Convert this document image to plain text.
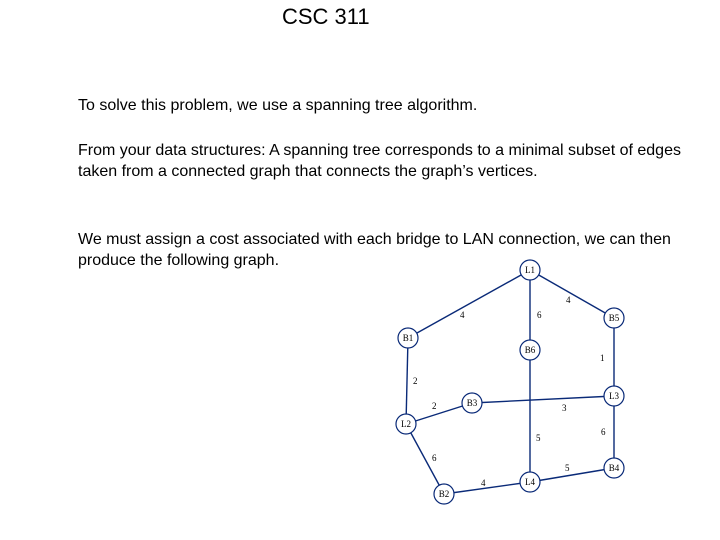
CSC 311

To solve this problem, we use a spanning tree algorithm.

From your data structures: A spanning tree corresponds to a minimal subset of edges taken from a connected graph that connects the graph’s vertices.

We must assign a cost associated with each bridge to LAN connection, we can then produce the following graph.

4	6
4
1
2
2	3
5
6
6
4
5
L1
B5
B1
B6
B3
L3
L2
B4
L4
B2
